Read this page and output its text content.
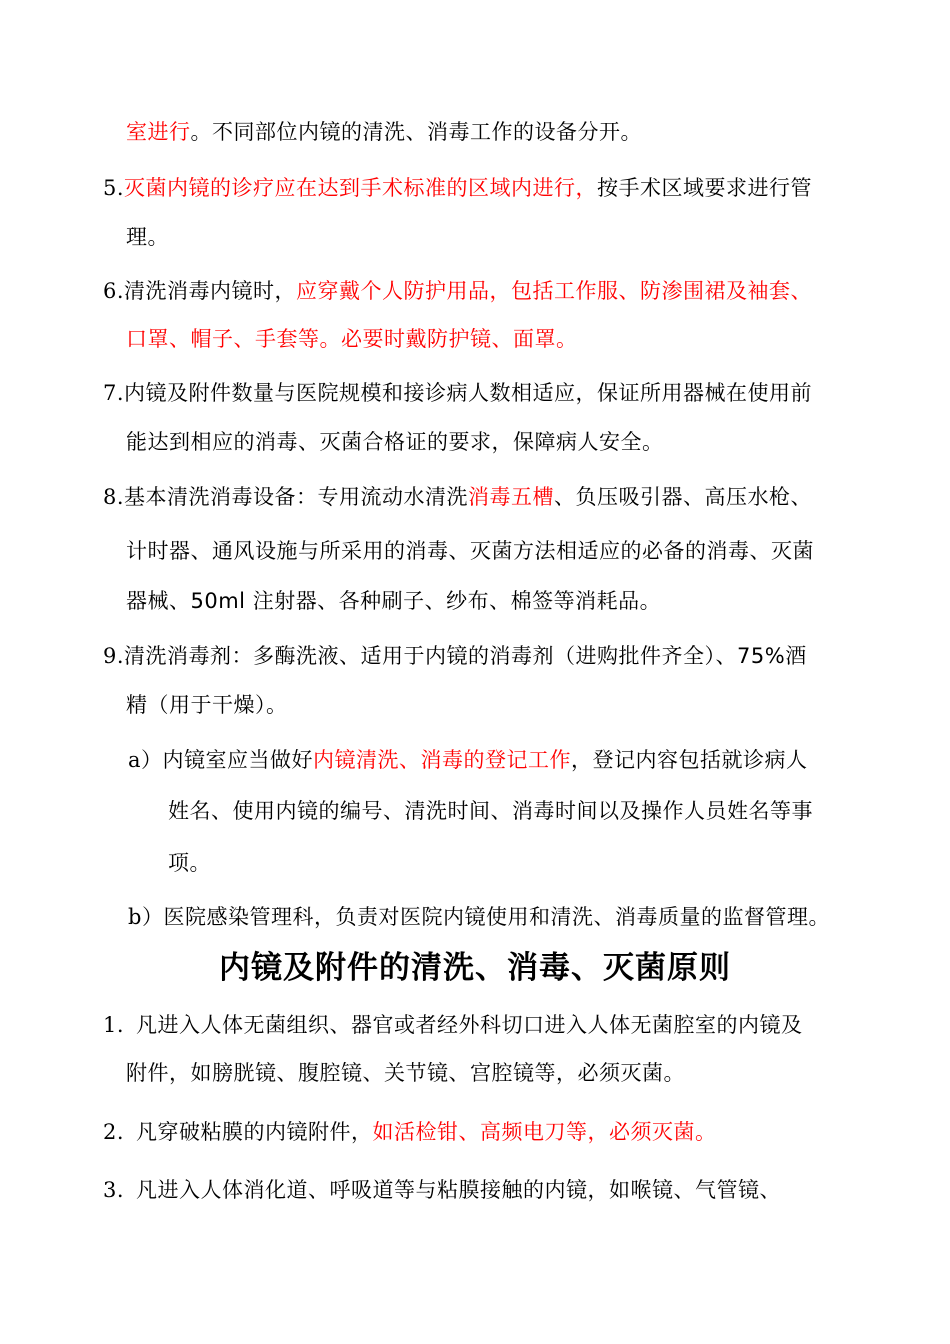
室进行。不同部位内镜的清洗、消毒工作的设备分开。
5.灭菌内镜的诊疗应在达到手术标准的区域内进行，按手术区域要求进行管
理。
6.清洗消毒内镜时，应穿戴个人防护用品，包括工作服、防渗围裙及袖套、
口罩、帽子、手套等。必要时戴防护镜、面罩。
7.内镜及附件数量与医院规模和接诊病人数相适应，保证所用器械在使用前
能达到相应的消毒、灭菌合格证的要求，保障病人安全。
8.基本清洗消毒设备：专用流动水清洗消毒五槽、负压吸引器、高压水枪、
计时器、通风设施与所采用的消毒、灭菌方法相适应的必备的消毒、灭菌
器械、50ml 注射器、各种刷子、纱布、棉签等消耗品。
9.清洗消毒剂：多酶洗液、适用于内镜的消毒剂（进购批件齐全）、75%酒
精（用于干燥）。
a）内镜室应当做好内镜清洗、消毒的登记工作，登记内容包括就诊病人
姓名、使用内镜的编号、清洗时间、消毒时间以及操作人员姓名等事
项。
b）医院感染管理科，负责对医院内镜使用和清洗、消毒质量的监督管理。
内镜及附件的清洗、消毒、灭菌原则
1. 凡进入人体无菌组织、器官或者经外科切口进入人体无菌腔室的内镜及
附件，如膀胱镜、腹腔镜、关节镜、宫腔镜等，必须灭菌。
2. 凡穿破粘膜的内镜附件，如活检钳、高频电刀等，必须灭菌。
3. 凡进入人体消化道、呼吸道等与粘膜接触的内镜，如喉镜、气管镜、
